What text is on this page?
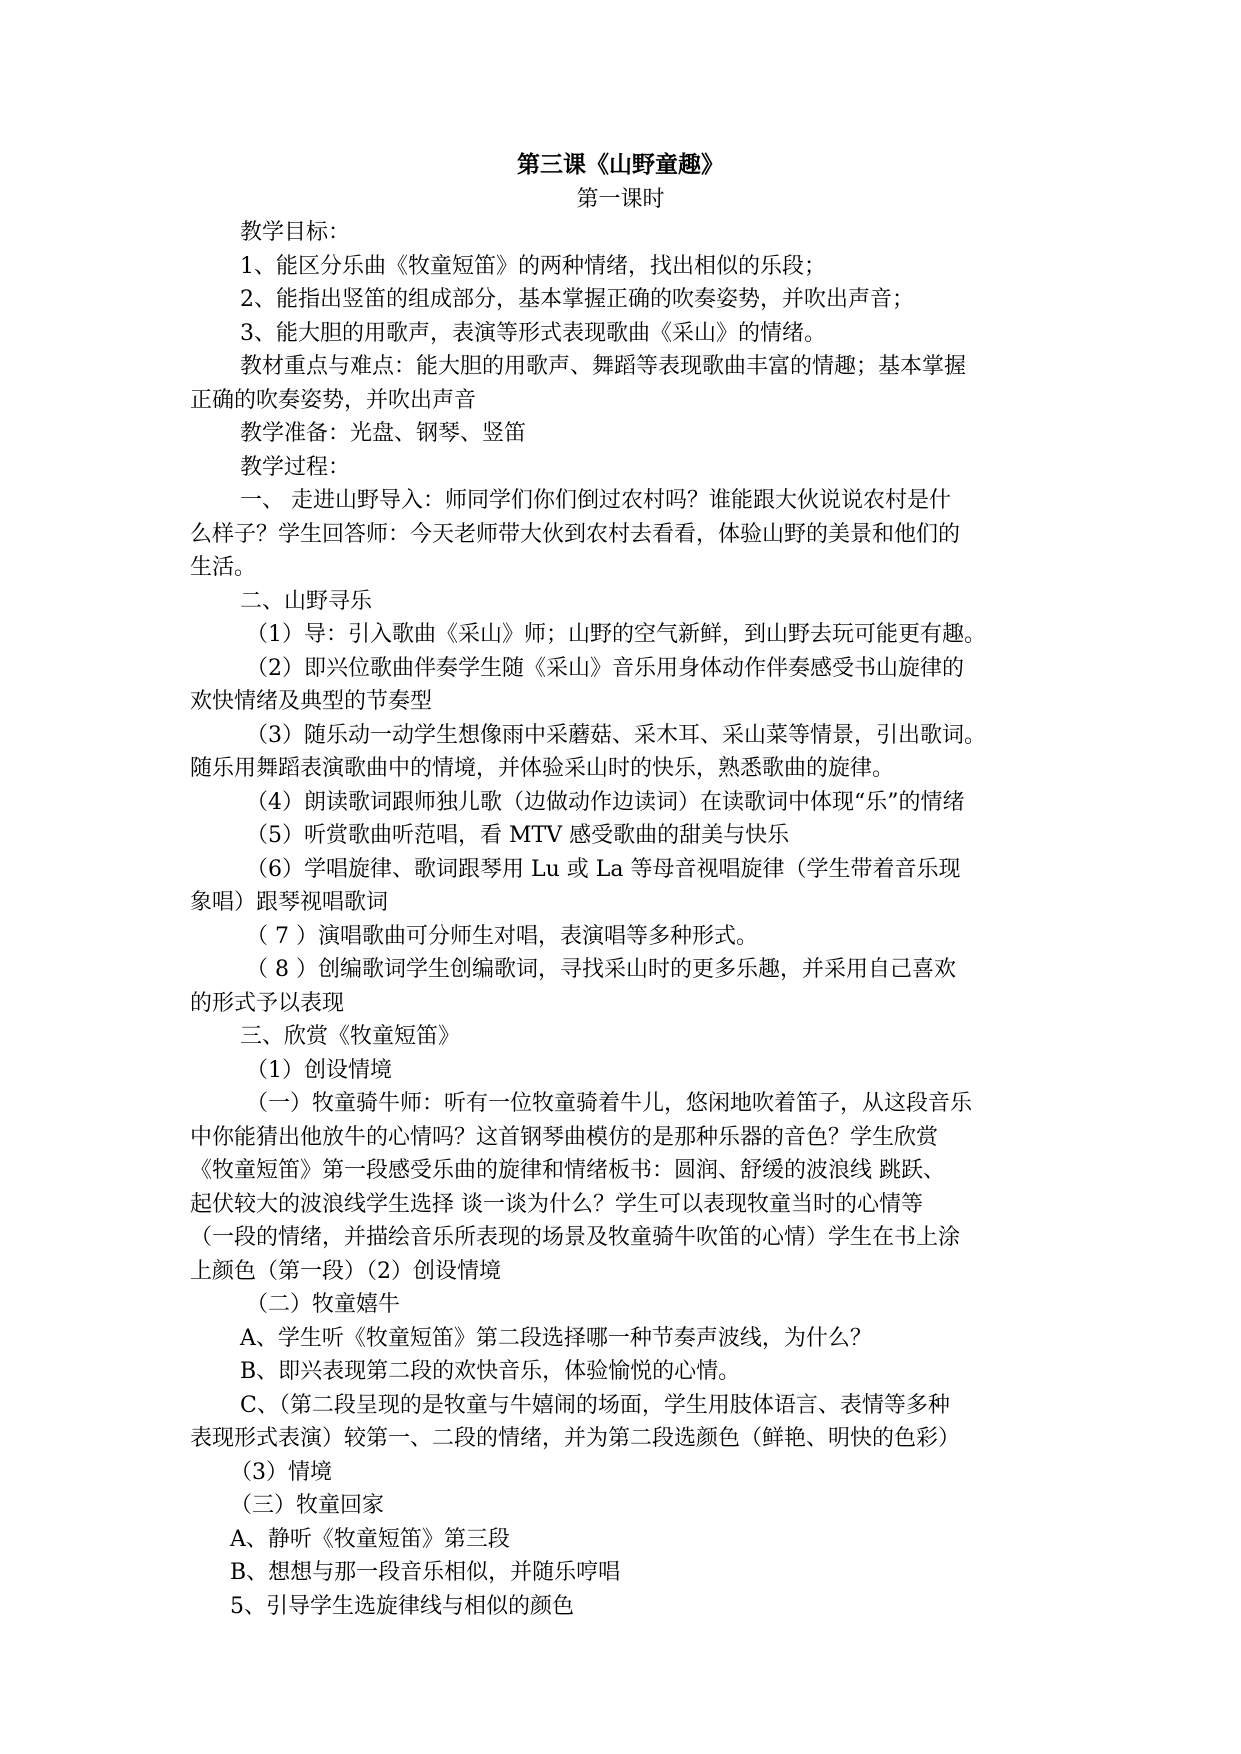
第三课《山野童趣》
第一课时
教学目标：
1、能区分乐曲《牧童短笛》的两种情绪，找出相似的乐段；
2、能指出竖笛的组成部分，基本掌握正确的吹奏姿势，并吹出声音；
3、能大胆的用歌声，表演等形式表现歌曲《采山》的情绪。
教材重点与难点：能大胆的用歌声、舞蹈等表现歌曲丰富的情趣；基本掌握
正确的吹奏姿势，并吹出声音
教学准备：光盘、钢琴、竖笛
教学过程：
一、 走进山野导入：师同学们你们倒过农村吗？谁能跟大伙说说农村是什
么样子？学生回答师：今天老师带大伙到农村去看看，体验山野的美景和他们的
生活。
二、山野寻乐
（1）导：引入歌曲《采山》师；山野的空气新鲜，到山野去玩可能更有趣。
（2）即兴位歌曲伴奏学生随《采山》音乐用身体动作伴奏感受书山旋律的
欢快情绪及典型的节奏型
（3）随乐动一动学生想像雨中采蘑菇、采木耳、采山菜等情景，引出歌词。
随乐用舞蹈表演歌曲中的情境，并体验采山时的快乐，熟悉歌曲的旋律。
（4）朗读歌词跟师独儿歌（边做动作边读词）在读歌词中体现“乐”的情绪
（5）听赏歌曲听范唱，看 MTV 感受歌曲的甜美与快乐
（6）学唱旋律、歌词跟琴用 Lu 或 La 等母音视唱旋律（学生带着音乐现
象唱）跟琴视唱歌词
（ 7 ）演唱歌曲可分师生对唱，表演唱等多种形式。
（ 8 ）创编歌词学生创编歌词，寻找采山时的更多乐趣，并采用自己喜欢
的形式予以表现
三、欣赏《牧童短笛》
（1）创设情境
（一）牧童骑牛师：听有一位牧童骑着牛儿，悠闲地吹着笛子，从这段音乐
中你能猜出他放牛的心情吗？这首钢琴曲模仿的是那种乐器的音色？学生欣赏
《牧童短笛》第一段感受乐曲的旋律和情绪板书：圆润、舒缓的波浪线 跳跃、
起伏较大的波浪线学生选择 谈一谈为什么？学生可以表现牧童当时的心情等
（一段的情绪，并描绘音乐所表现的场景及牧童骑牛吹笛的心情）学生在书上涂
上颜色（第一段）（2）创设情境
（二）牧童嬉牛
A、学生听《牧童短笛》第二段选择哪一种节奏声波线，为什么？
B、即兴表现第二段的欢快音乐，体验愉悦的心情。
C、（第二段呈现的是牧童与牛嬉闹的场面，学生用肢体语言、表情等多种
表现形式表演）较第一、二段的情绪，并为第二段选颜色（鲜艳、明快的色彩）
（3）情境
（三）牧童回家
A、静听《牧童短笛》第三段
B、想想与那一段音乐相似，并随乐哼唱
5、引导学生选旋律线与相似的颜色
